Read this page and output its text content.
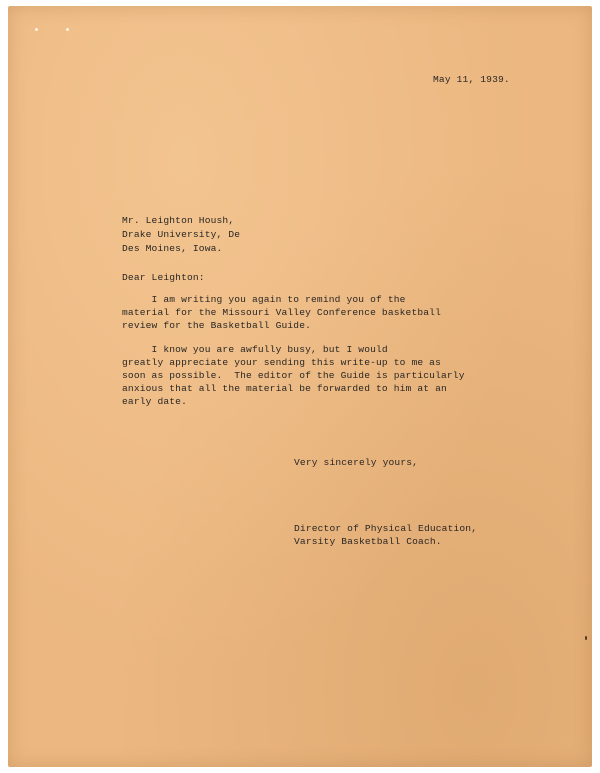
May 11, 1939.
Mr. Leighton Housh,
Drake University, De
Des Moines, Iowa.
Dear Leighton:
I am writing you again to remind you of the
material for the Missouri Valley Conference basketball
review for the Basketball Guide.
I know you are awfully busy, but I would
greatly appreciate your sending this write-up to me as
soon as possible.  The editor of the Guide is particularly
anxious that all the material be forwarded to him at an
early date.
Very sincerely yours,
Director of Physical Education,
Varsity Basketball Coach.
